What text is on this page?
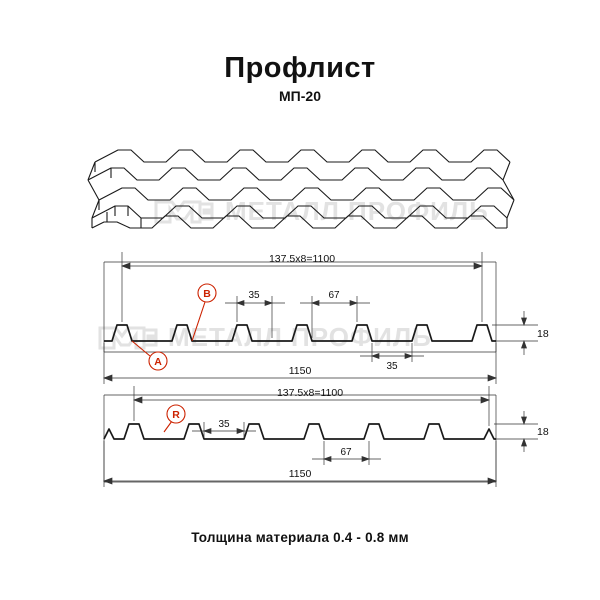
Профлист
МП-20
МЕТАЛЛ ПРОФИЛЬ
МЕТАЛЛ ПРОФИЛЬ
137.5x8=1100
35	67
35
18
1150
A
B
137.5x8=1100
35
67
18
1150
R
Толщина материала 0.4 - 0.8 мм
